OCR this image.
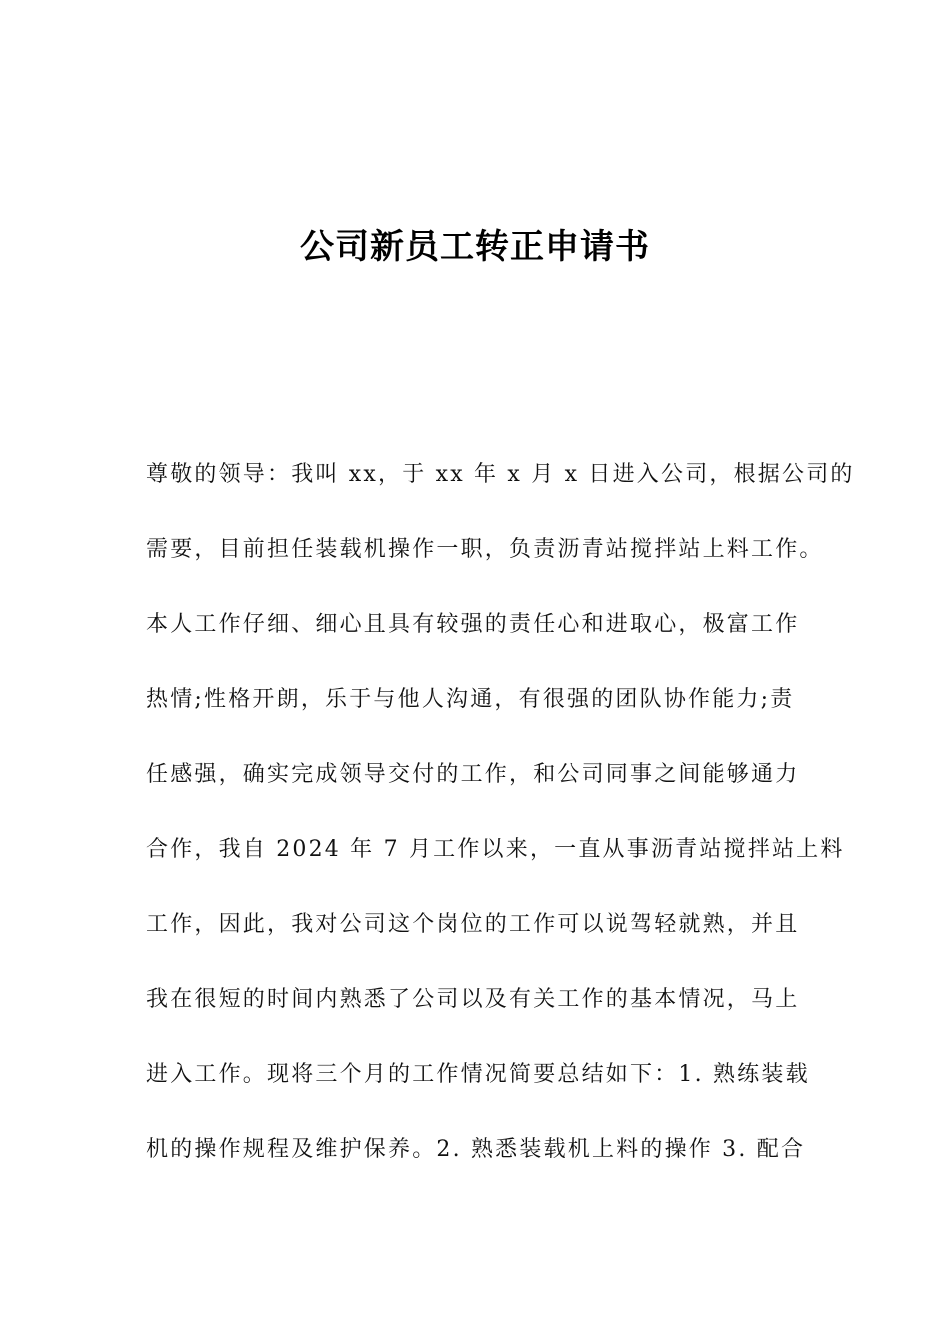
公司新员工转正申请书
尊敬的领导：我叫 xx，于 xx 年 x 月 x 日进入公司，根据公司的
需要，目前担任装载机操作一职，负责沥青站搅拌站上料工作。
本人工作仔细、细心且具有较强的责任心和进取心，极富工作
热情;性格开朗，乐于与他人沟通，有很强的团队协作能力;责
任感强，确实完成领导交付的工作，和公司同事之间能够通力
合作，我自 2024 年 7 月工作以来，一直从事沥青站搅拌站上料
工作，因此，我对公司这个岗位的工作可以说驾轻就熟，并且
我在很短的时间内熟悉了公司以及有关工作的基本情况，马上
进入工作。现将三个月的工作情况简要总结如下：1. 熟练装载
机的操作规程及维护保养。2. 熟悉装载机上料的操作 3. 配合
